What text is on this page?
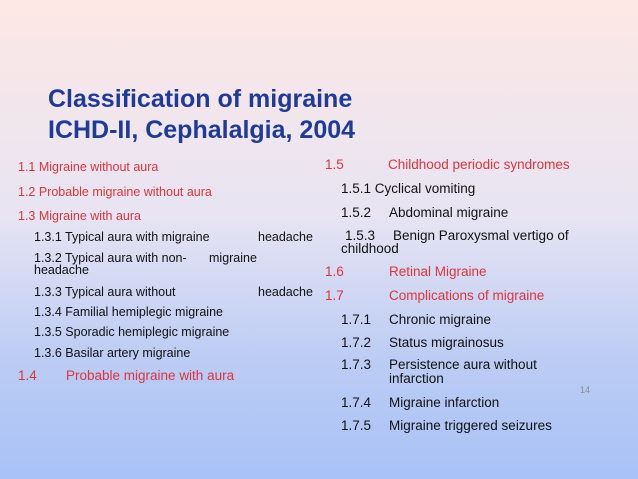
Classification of migraine
ICHD-II, Cephalalgia, 2004
1.1 Migraine without aura
1.2 Probable migraine without aura
1.3 Migraine with aura
1.3.1 Typical aura with migraine	headache
1.3.2 Typical aura with non- migraine
headache
1.3.3 Typical aura without	headache
1.3.4 Familial hemiplegic migraine
1.3.5 Sporadic hemiplegic migraine
1.3.6 Basilar artery migraine
1.4 Probable migraine with aura
1.5	Childhood periodic syndromes
1.5.1 Cyclical vomiting
1.5.2 Abdominal migraine
1.5.3 Benign Paroxysmal vertigo of
childhood
1.6	Retinal Migraine
1.7	Complications of migraine
1.7.1 Chronic migraine
1.7.2 Status migrainosus
1.7.3 Persistence aura without
infarction
1.7.4 Migraine infarction
1.7.5 Migraine triggered seizures
14
